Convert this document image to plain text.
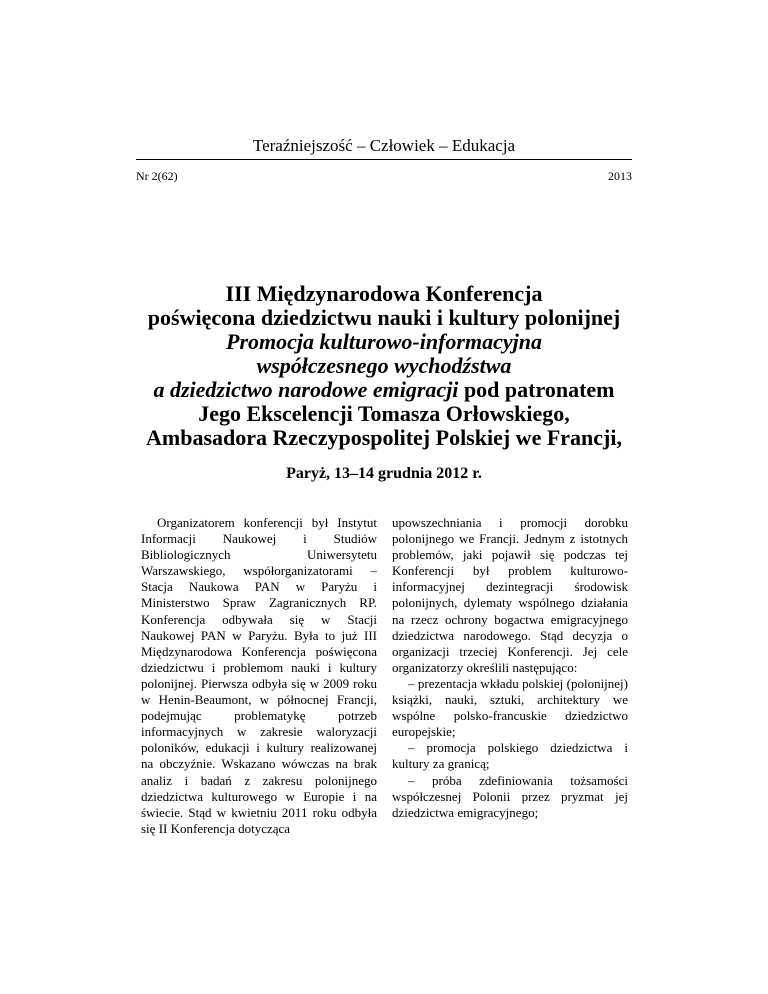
Teraźniejszość – Człowiek – Edukacja
Nr 2(62)	2013
III Międzynarodowa Konferencja
poświęcona dziedzictwu nauki i kultury polonijnej
Promocja kulturowo-informacyjna
współczesnego wychodźstwa
a dziedzictwo narodowe emigracji pod patronatem
Jego Ekscelencji Tomasza Orłowskiego,
Ambasadora Rzeczypospolitej Polskiej we Francji,
Paryż, 13–14 grudnia 2012 r.

Organizatorem konferencji był Instytut Informacji Naukowej i Studiów Bibliologicznych Uniwersytetu Warszawskiego, współorganizatorami – Stacja Naukowa PAN w Paryżu i Ministerstwo Spraw Zagranicznych RP. Konferencja odbywała się w Stacji Naukowej PAN w Paryżu. Była to już III Międzynarodowa Konferencja poświęcona dziedzictwu i problemom nauki i kultury polonijnej. Pierwsza odbyła się w 2009 roku w Henin-Beaumont, w północnej Francji, podejmując problematykę potrzeb informacyjnych w zakresie waloryzacji poloników, edukacji i kultury realizowanej na obczyźnie. Wskazano wówczas na brak analiz i badań z zakresu polonijnego dziedzictwa kulturowego w Europie i na świecie. Stąd w kwietniu 2011 roku odbyła się II Konferencja dotycząca

upowszechniania i promocji dorobku polonijnego we Francji. Jednym z istotnych problemów, jaki pojawił się podczas tej Konferencji był problem kulturowo-informacyjnej dezintegracji środowisk polonijnych, dylematy wspólnego działania na rzecz ochrony bogactwa emigracyjnego dziedzictwa narodowego. Stąd decyzja o organizacji trzeciej Konferencji. Jej cele organizatorzy określili następująco:

– prezentacja wkładu polskiej (polonijnej) książki, nauki, sztuki, architektury we wspólne polsko-francuskie dziedzictwo europejskie;

– promocja polskiego dziedzictwa i kultury za granicą;

– próba zdefiniowania tożsamości współczesnej Polonii przez pryzmat jej dziedzictwa emigracyjnego;
